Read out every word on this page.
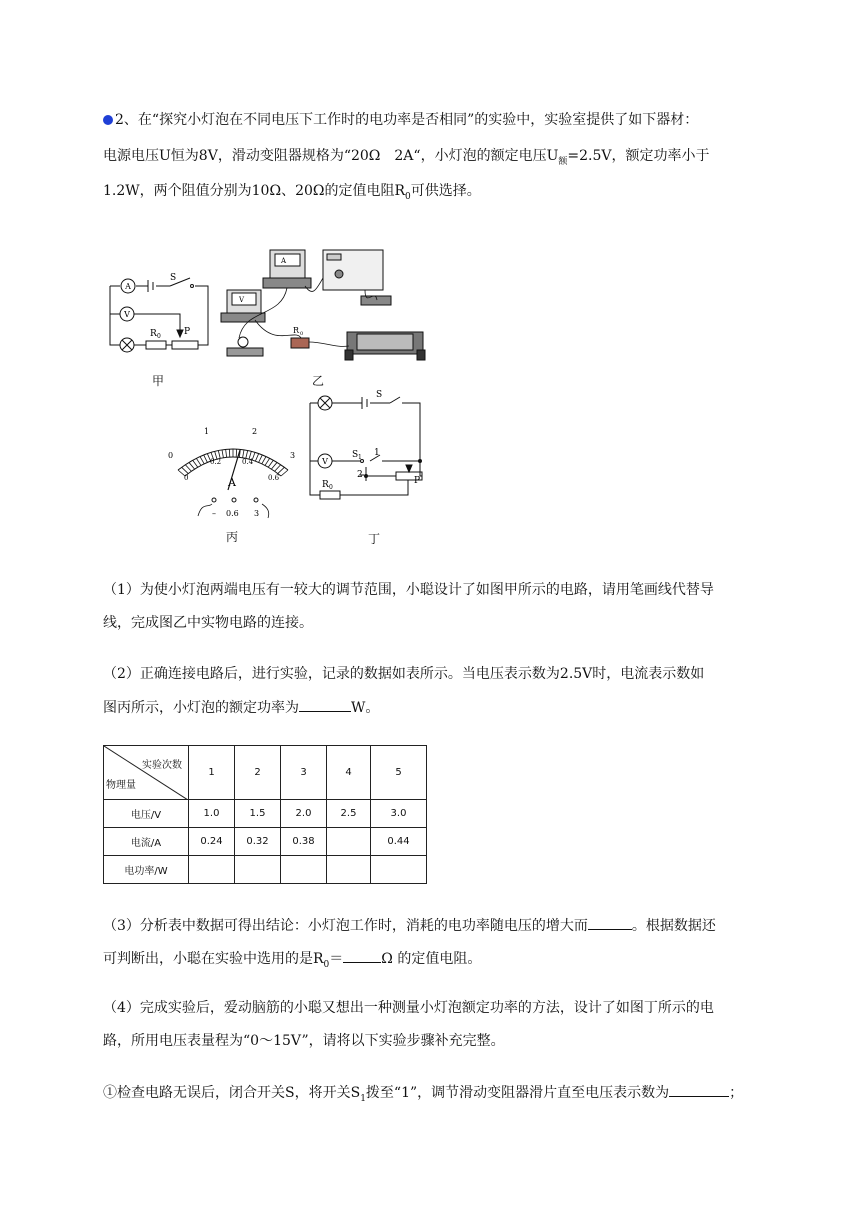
2、在“探究小灯泡在不同电压下工作时的电功率是否相同”的实验中，实验室提供了如下器材：
电源电压U恒为8V，滑动变阻器规格为“20Ω　2A“，小灯泡的额定电压$U_额=2.5V$，额定功率小于
1.2W，两个阻值分别为10Ω、20Ω的定值电阻$R_0$可供选择。
A
V
S
R 0	P
甲
A
V
R 0
乙
0
1	2
3
0
0.2	0.4
0.6
A
– 0.6 3
丙
V
S
S 1 1
2
R 0
P
丁
（1）为使小灯泡两端电压有一较大的调节范围，小聪设计了如图甲所示的电路，请用笔画线代替导
线，完成图乙中实物电路的连接。
（2）正确连接电路后，进行实验，记录的数据如表所示。当电压表示数为2.5V时，电流表示数如
图丙所示，小灯泡的额定功率为	W。
实验次数
物理量	1	2	3	4	5
电压/V	1.0	1.5	2.0	2.5	3.0
电流/A	0.24	0.32	0.38		0.44
电功率/W					
（3）分析表中数据可得出结论：小灯泡工作时，消耗的电功率随电压的增大而	。根据数据还
可判断出，小聪在实验中选用的是$R_0=$	Ω 的定值电阻。
（4）完成实验后，爱动脑筋的小聪又想出一种测量小灯泡额定功率的方法，设计了如图丁所示的电
路，所用电压表量程为“0～15V”，请将以下实验步骤补充完整。
①检查电路无误后，闭合开关S，将开关$S_1$拨至“1”，调节滑动变阻器滑片直至电压表示数为	；
